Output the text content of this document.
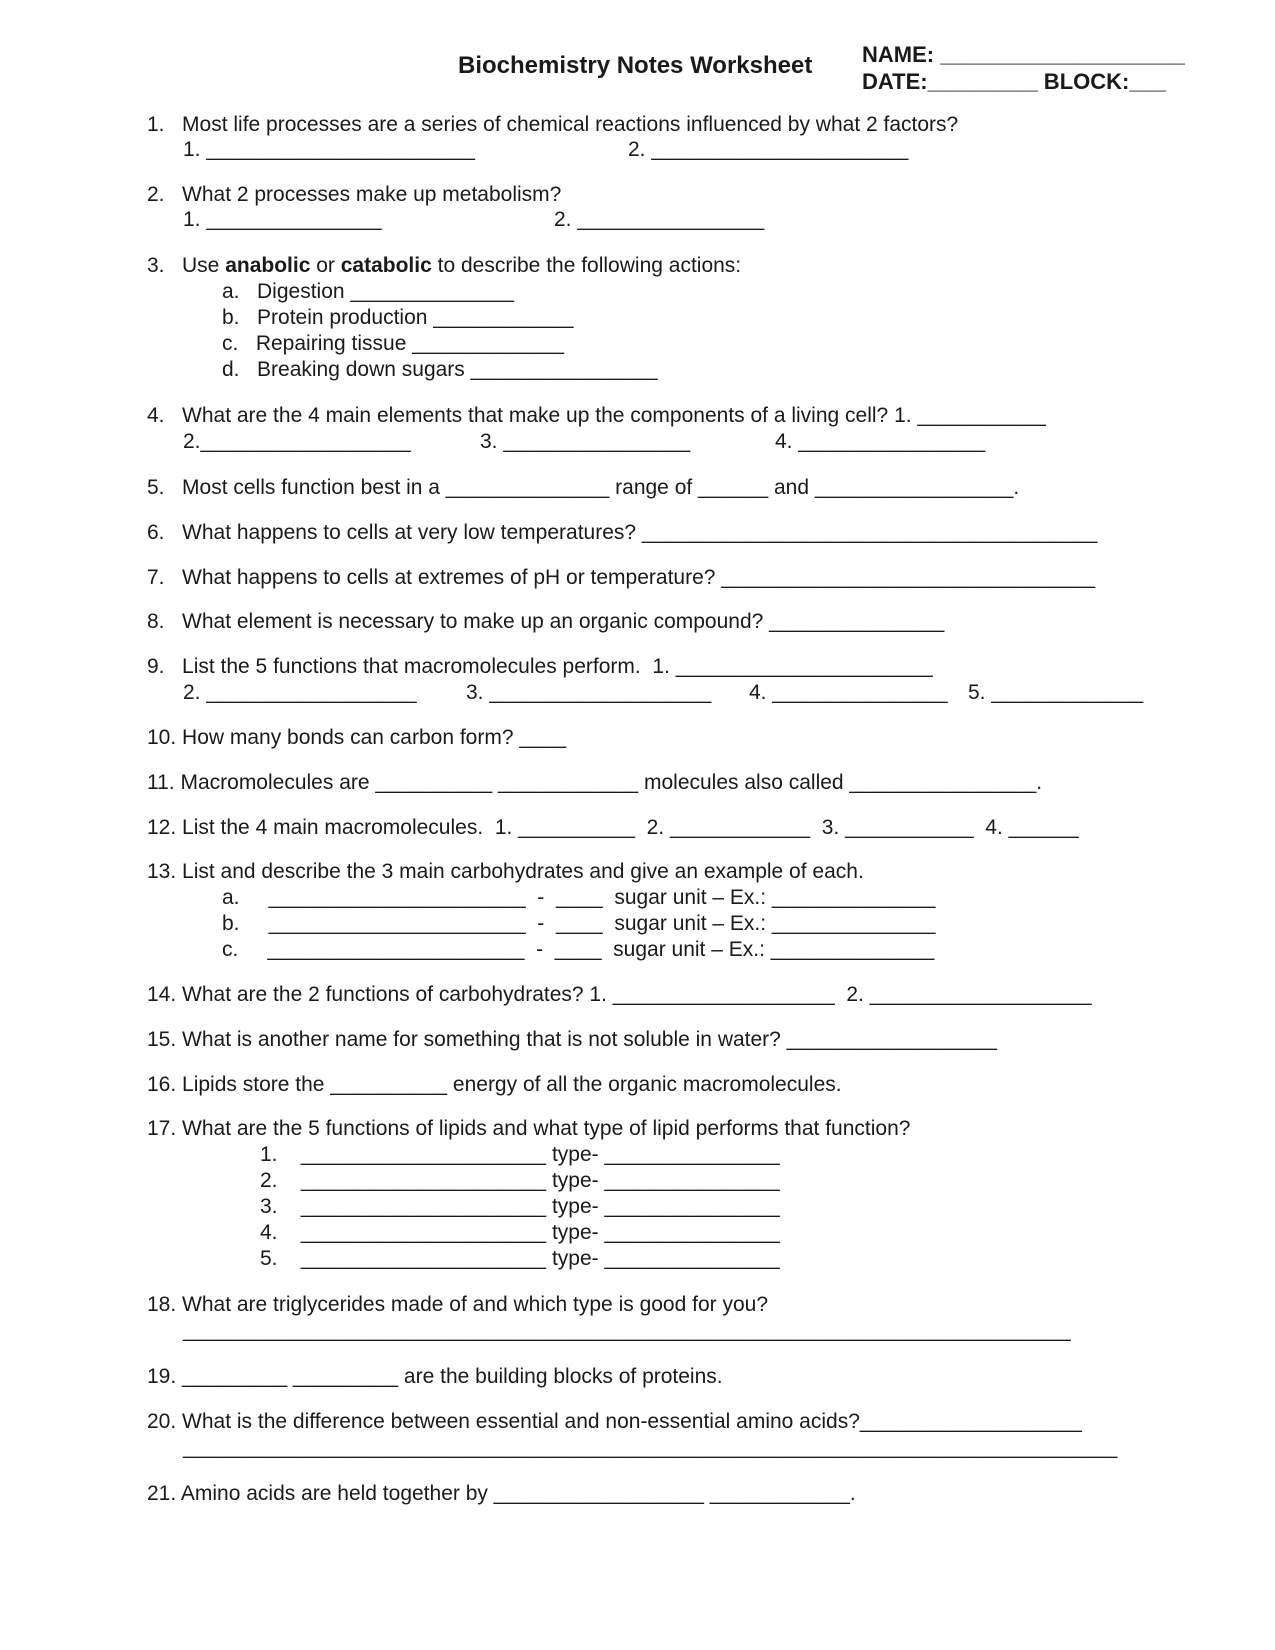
Biochemistry Notes Worksheet NAME: ____________________
DATE:_________ BLOCK:___
1.   Most life processes are a series of chemical reactions influenced by what 2 factors?
1. _______________________	2. ______________________
2.   What 2 processes make up metabolism?
1. _______________	2. ________________
3.   Use anabolic or catabolic to describe the following actions:
a.   Digestion ______________
b.   Protein production ____________
c.   Repairing tissue _____________
d.   Breaking down sugars ________________
4.   What are the 4 main elements that make up the components of a living cell? 1. ___________
2.__________________	3. ________________	4. ________________
5.   Most cells function best in a ______________ range of ______ and _________________.
6.   What happens to cells at very low temperatures? _______________________________________
7.   What happens to cells at extremes of pH or temperature? ________________________________
8.   What element is necessary to make up an organic compound? _______________
9.   List the 5 functions that macromolecules perform.  1. ______________________
2. __________________ 3. ___________________ 4. _______________ 5. _____________
10. How many bonds can carbon form? ____
11. Macromolecules are __________ ____________ molecules also called ________________.
12. List the 4 main macromolecules.  1. __________  2. ____________  3. ___________  4. ______
13. List and describe the 3 main carbohydrates and give an example of each.
a.     ______________________  -  ____  sugar unit – Ex.: ______________
b.     ______________________  -  ____  sugar unit – Ex.: ______________
c.     ______________________  -  ____  sugar unit – Ex.: ______________
14. What are the 2 functions of carbohydrates? 1. ___________________  2. ___________________
15. What is another name for something that is not soluble in water? __________________
16. Lipids store the __________ energy of all the organic macromolecules.
17. What are the 5 functions of lipids and what type of lipid performs that function?
1.    _____________________ type- _______________
2.    _____________________ type- _______________
3.    _____________________ type- _______________
4.    _____________________ type- _______________
5.    _____________________ type- _______________
18. What are triglycerides made of and which type is good for you?
____________________________________________________________________________
19. _________ _________ are the building blocks of proteins.
20. What is the difference between essential and non-essential amino acids?___________________
________________________________________________________________________________
21. Amino acids are held together by __________________ ____________.
